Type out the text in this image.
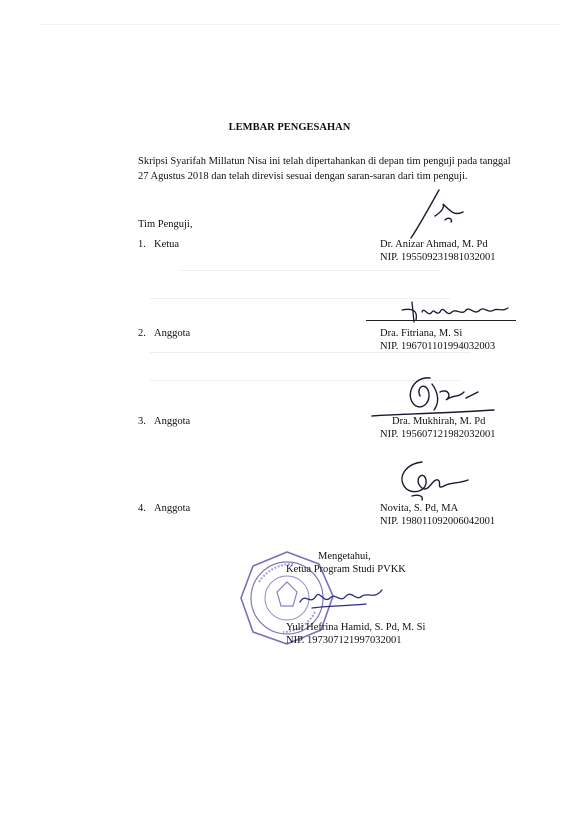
LEMBAR PENGESAHAN
Skripsi Syarifah Millatun Nisa ini telah dipertahankan di depan tim penguji pada tanggal
27 Agustus 2018 dan telah direvisi sesuai dengan saran-saran dari tim penguji.
Tim Penguji,
1. Ketua	Dr. Anizar Ahmad, M. Pd
NIP. 195509231981032001
2. Anggota	Dra. Fitriana, M. Si
NIP. 196701101994032003
3. Anggota	Dra. Mukhirah, M. Pd
NIP. 195607121982032001
4. Anggota	Novita, S. Pd, MA
NIP. 198011092006042001
Mengetahui,
Ketua Program Studi PVKK
Yuli Hefrina Hamid, S. Pd, M. Si
NIP. 197307121997032001
